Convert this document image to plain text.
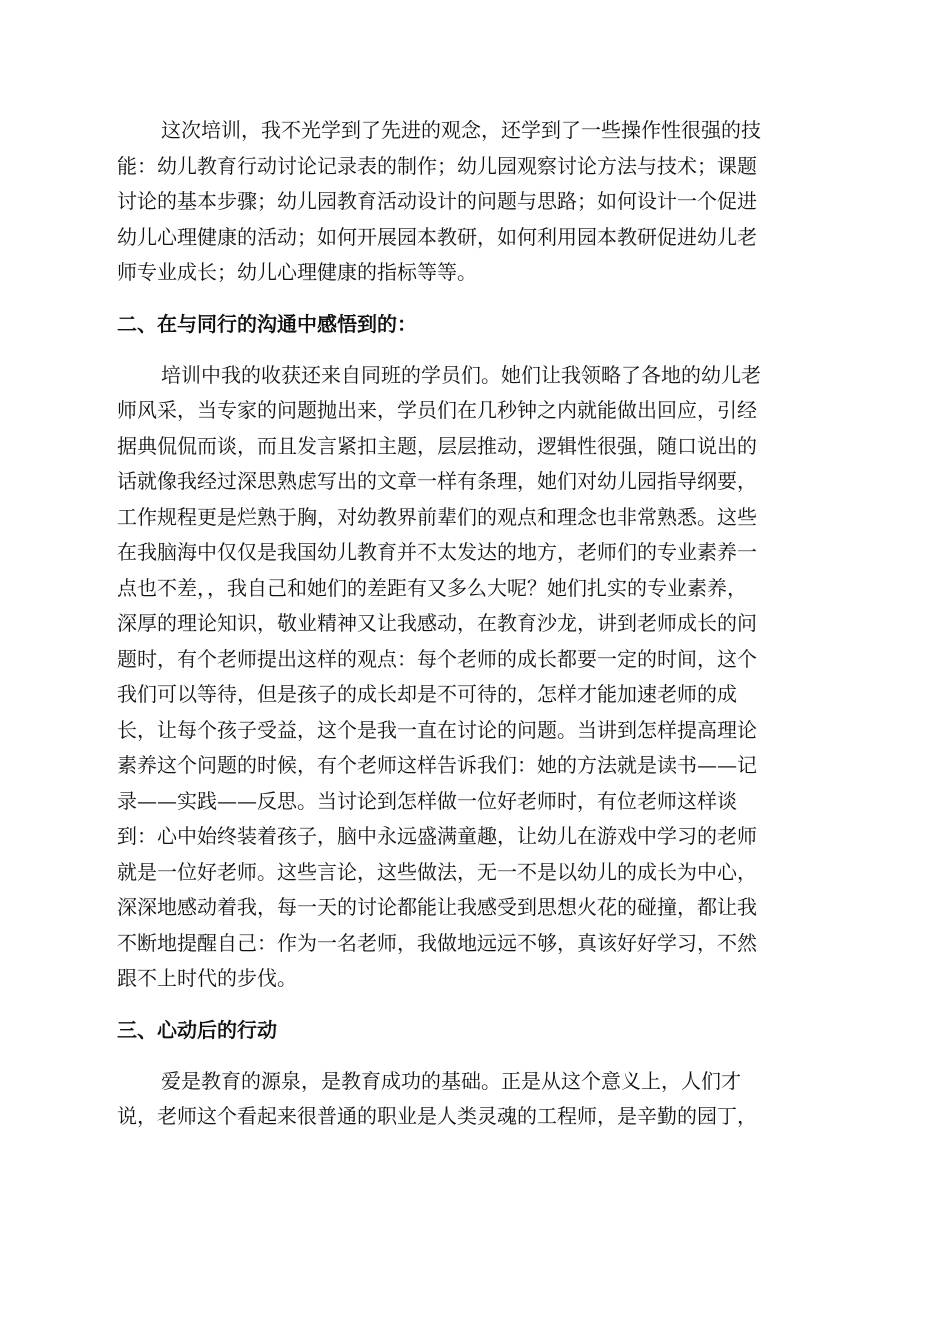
这次培训，我不光学到了先进的观念，还学到了一些操作性很强的技
能：幼儿教育行动讨论记录表的制作；幼儿园观察讨论方法与技术；课题
讨论的基本步骤；幼儿园教育活动设计的问题与思路；如何设计一个促进
幼儿心理健康的活动；如何开展园本教研，如何利用园本教研促进幼儿老
师专业成长；幼儿心理健康的指标等等。
二、在与同行的沟通中感悟到的：
培训中我的收获还来自同班的学员们。她们让我领略了各地的幼儿老
师风采，当专家的问题抛出来，学员们在几秒钟之内就能做出回应，引经
据典侃侃而谈，而且发言紧扣主题，层层推动，逻辑性很强，随口说出的
话就像我经过深思熟虑写出的文章一样有条理，她们对幼儿园指导纲要，
工作规程更是烂熟于胸，对幼教界前辈们的观点和理念也非常熟悉。这些
在我脑海中仅仅是我国幼儿教育并不太发达的地方，老师们的专业素养一
点也不差，，我自己和她们的差距有又多么大呢？她们扎实的专业素养，
深厚的理论知识，敬业精神又让我感动，在教育沙龙，讲到老师成长的问
题时，有个老师提出这样的观点：每个老师的成长都要一定的时间，这个
我们可以等待，但是孩子的成长却是不可待的，怎样才能加速老师的成
长，让每个孩子受益，这个是我一直在讨论的问题。当讲到怎样提高理论
素养这个问题的时候，有个老师这样告诉我们：她的方法就是读书——记
录——实践——反思。当讨论到怎样做一位好老师时，有位老师这样谈
到：心中始终装着孩子，脑中永远盛满童趣，让幼儿在游戏中学习的老师
就是一位好老师。这些言论，这些做法，无一不是以幼儿的成长为中心，
深深地感动着我，每一天的讨论都能让我感受到思想火花的碰撞，都让我
不断地提醒自己：作为一名老师，我做地远远不够，真该好好学习，不然
跟不上时代的步伐。
三、心动后的行动
爱是教育的源泉，是教育成功的基础。正是从这个意义上，人们才
说，老师这个看起来很普通的职业是人类灵魂的工程师，是辛勤的园丁，
